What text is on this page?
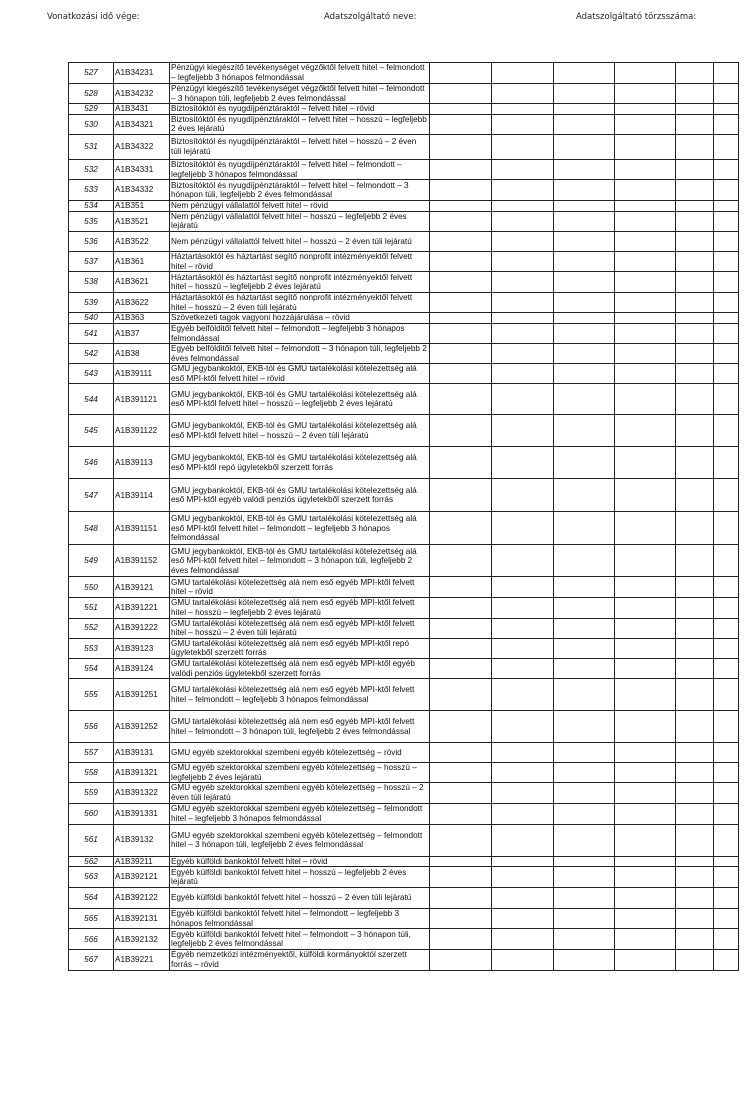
Vonatkozási idő vége:	Adatszolgáltató neve:	Adatszolgáltató törzsszáma:
527	A1B34231	Pénzügyi kiegészítő tevékenységet végzőktől felvett hitel – felmondott – legfeljebb 3 hónapos felmondással						
528	A1B34232	Pénzügyi kiegészítő tevékenységet végzőktől felvett hitel – felmondott – 3 hónapon túli, legfeljebb 2 éves felmondással						
529	A1B3431	Biztosítóktól és nyugdíjpénztáraktól – felvett hitel – rövid						
530	A1B34321	Biztosítóktól és nyugdíjpénztáraktól – felvett hitel – hosszú – legfeljebb 2 éves lejáratú						
531	A1B34322	Biztosítóktól és nyugdíjpénztáraktól – felvett hitel – hosszú – 2 éven túli lejáratú						
532	A1B34331	Biztosítóktól és nyugdíjpénztáraktól – felvett hitel – felmondott – legfeljebb 3 hónapos felmondással						
533	A1B34332	Biztosítóktól és nyugdíjpénztáraktól – felvett hitel – felmondott – 3 hónapon túli, legfeljebb 2 éves felmondással						
534	A1B351	Nem pénzügyi vállalattól felvett hitel – rövid						
535	A1B3521	Nem pénzügyi vállalattól felvett hitel – hosszú – legfeljebb 2 éves lejáratú						
536	A1B3522	Nem pénzügyi vállalattól felvett hitel – hosszú – 2 éven túli lejáratú						
537	A1B361	Háztartásoktól és háztartást segítő nonprofit intézményektől felvett hitel – rövid						
538	A1B3621	Háztartásoktól és háztartást segítő nonprofit intézményektől felvett hitel – hosszú – legfeljebb 2 éves lejáratú						
539	A1B3622	Háztartásoktól és háztartást segítő nonprofit intézményektől felvett hitel – hosszú – 2 éven túli lejáratú						
540	A1B363	Szövetkezeti tagok vagyoni hozzájárulása – rövid						
541	A1B37	Egyéb belfölditől felvett hitel – felmondott – legfeljebb 3 hónapos felmondással						
542	A1B38	Egyéb belfölditől felvett hitel – felmondott – 3 hónapon túli, legfeljebb 2 éves felmondással						
543	A1B39111	GMU jegybankoktól, EKB-tól és GMU tartalékolási kötelezettség alá eső MPI-ktől felvett hitel – rövid						
544	A1B391121	GMU jegybankoktól, EKB-tól és GMU tartalékolási kötelezettség alá eső MPI-ktől felvett hitel – hosszú – legfeljebb 2 éves lejáratú						
545	A1B391122	GMU jegybankoktól, EKB-tól és GMU tartalékolási kötelezettség alá eső MPI-ktől felvett hitel – hosszú – 2 éven túli lejáratú						
546	A1B39113	GMU jegybankoktól, EKB-tól és GMU tartalékolási kötelezettség alá eső MPI-ktől repó ügyletekből szerzett forrás						
547	A1B39114	GMU jegybankoktól, EKB-tól és GMU tartalékolási kötelezettség alá eső MPI-ktől egyéb valódi penziós ügyletekből szerzett forrás						
548	A1B391151	GMU jegybankoktól, EKB-tól és GMU tartalékolási kötelezettség alá eső MPI-ktől felvett hitel – felmondott – legfeljebb 3 hónapos felmondással						
549	A1B391152	GMU jegybankoktól, EKB-tól és GMU tartalékolási kötelezettség alá eső MPI-ktől felvett hitel – felmondott – 3 hónapon túli, legfeljebb 2 éves felmondással						
550	A1B39121	GMU tartalékolási kötelezettség alá nem eső egyéb MPI-ktől felvett hitel – rövid						
551	A1B391221	GMU tartalékolási kötelezettség alá nem eső egyéb MPI-ktől felvett hitel – hosszú – legfeljebb 2 éves lejáratú						
552	A1B391222	GMU tartalékolási kötelezettség alá nem eső egyéb MPI-ktől felvett hitel – hosszú – 2 éven túli lejáratú						
553	A1B39123	GMU tartalékolási kötelezettség alá nem eső egyéb MPI-ktől repó ügyletekből szerzett forrás						
554	A1B39124	GMU tartalékolási kötelezettség alá nem eső egyéb MPI-ktől egyéb valódi penziós ügyletekből szerzett forrás						
555	A1B391251	GMU tartalékolási kötelezettség alá nem eső egyéb MPI-ktől felvett hitel – felmondott – legfeljebb 3 hónapos felmondással						
556	A1B391252	GMU tartalékolási kötelezettség alá nem eső egyéb MPI-ktől felvett hitel – felmondott – 3 hónapon túli, legfeljebb 2 éves felmondással						
557	A1B39131	GMU egyéb szektorokkal szembeni egyéb kötelezettség – rövid						
558	A1B391321	GMU egyéb szektorokkal szembeni egyéb kötelezettség – hosszú – legfeljebb 2 éves lejáratú						
559	A1B391322	GMU egyéb szektorokkal szembeni egyéb kötelezettség – hosszú – 2 éven túli lejáratú						
560	A1B391331	GMU egyéb szektorokkal szembeni egyéb kötelezettség – felmondott hitel – legfeljebb 3 hónapos felmondással						
561	A1B39132	GMU egyéb szektorokkal szembeni egyéb kötelezettség – felmondott hitel – 3 hónapon túli, legfeljebb 2 éves felmondással						
562	A1B39211	Egyéb külföldi bankoktól felvett hitel – rövid						
563	A1B392121	Egyéb külföldi bankoktól felvett hitel – hosszú – legfeljebb 2 éves lejáratú						
564	A1B392122	Egyéb külföldi bankoktól felvett hitel – hosszú – 2 éven túli lejáratú						
565	A1B392131	Egyéb külföldi bankoktól felvett hitel – felmondott – legfeljebb 3 hónapos felmondással						
566	A1B392132	Egyéb külföldi bankoktól felvett hitel – felmondott – 3 hónapon túli, legfeljebb 2 éves felmondással						
567	A1B39221	Egyéb nemzetközi intézményektől, külföldi kormányoktól szerzett forrás – rövid						
